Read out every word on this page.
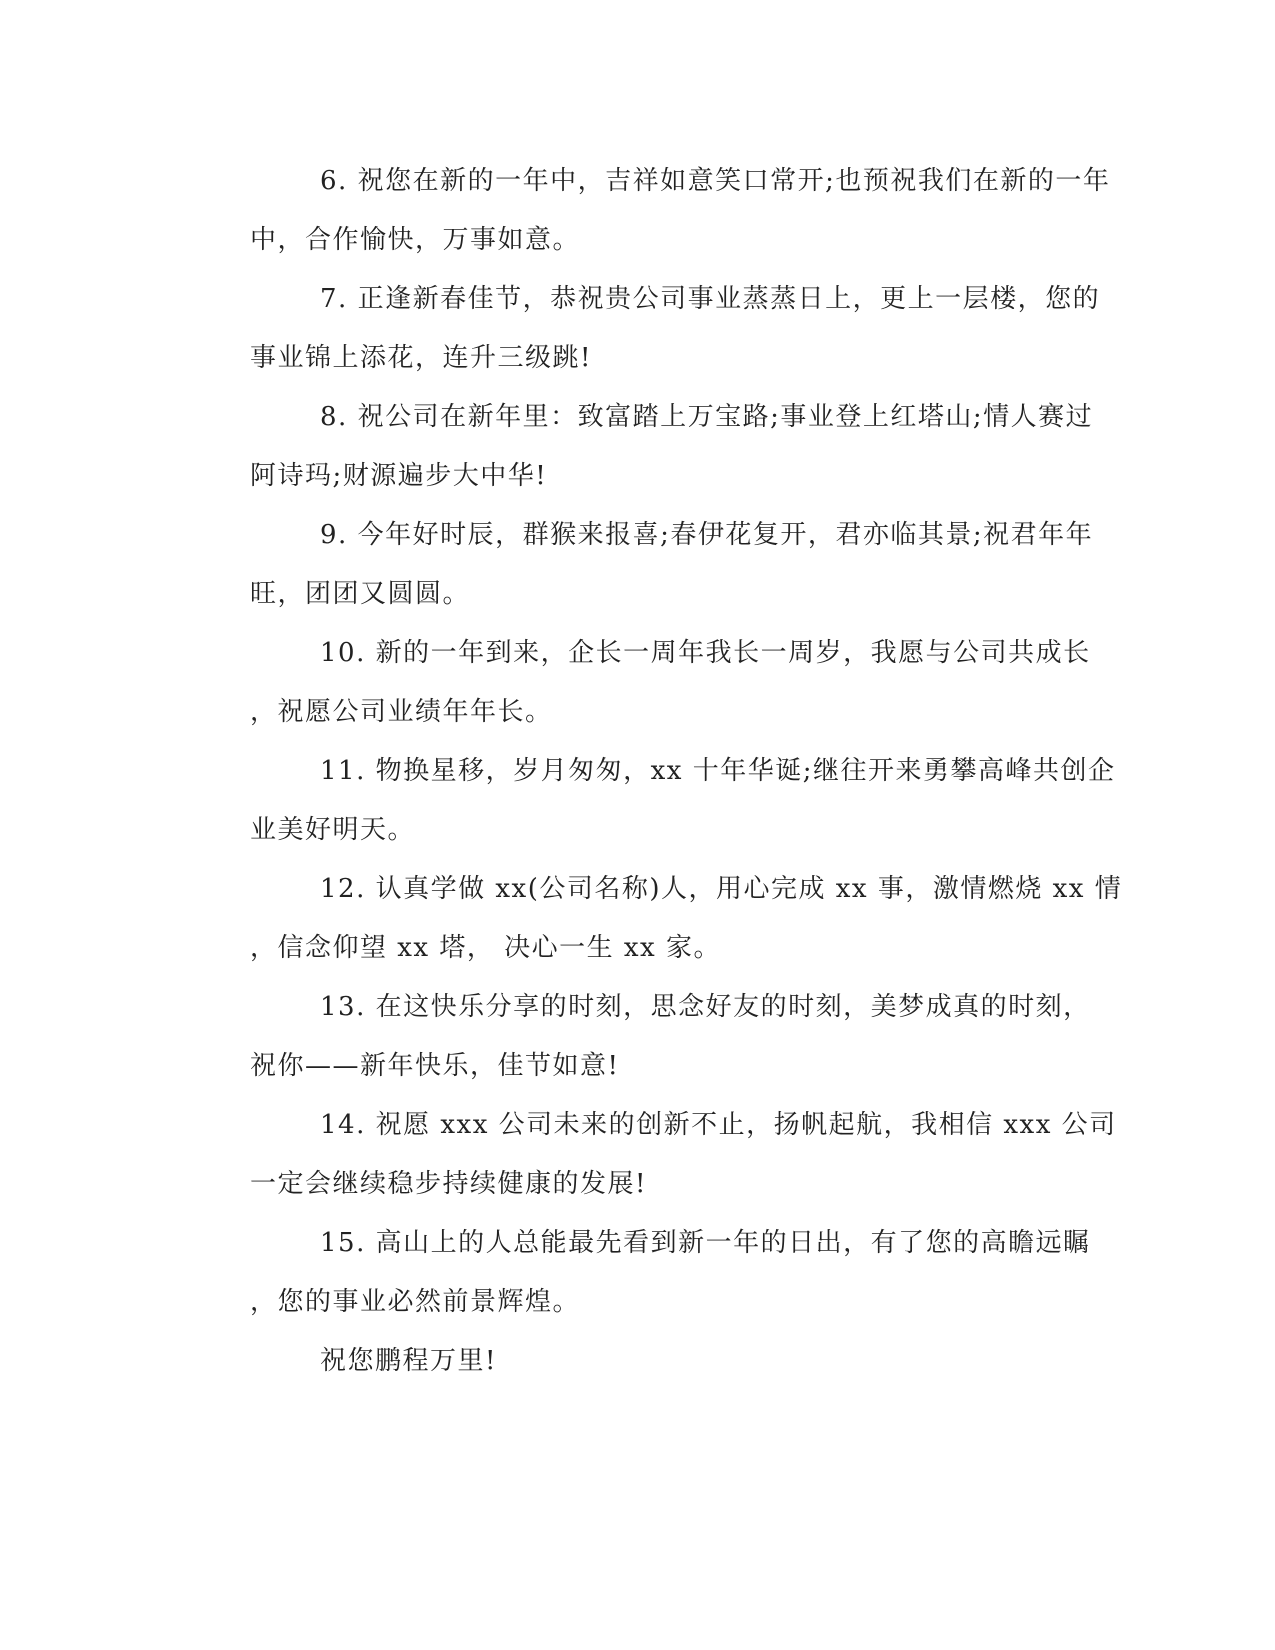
6. 祝您在新的一年中，吉祥如意笑口常开;也预祝我们在新的一年
中，合作愉快，万事如意。
7. 正逢新春佳节，恭祝贵公司事业蒸蒸日上，更上一层楼，您的
事业锦上添花，连升三级跳!
8. 祝公司在新年里：致富踏上万宝路;事业登上红塔山;情人赛过
阿诗玛;财源遍步大中华!
9. 今年好时辰，群猴来报喜;春伊花复开，君亦临其景;祝君年年
旺，团团又圆圆。
10. 新的一年到来，企长一周年我长一周岁，我愿与公司共成长
，祝愿公司业绩年年长。
11. 物换星移，岁月匆匆，xx 十年华诞;继往开来勇攀高峰共创企
业美好明天。
12. 认真学做 xx(公司名称)人，用心完成 xx 事，激情燃烧 xx 情
，信念仰望 xx 塔， 决心一生 xx 家。
13. 在这快乐分享的时刻，思念好友的时刻，美梦成真的时刻，
祝你——新年快乐，佳节如意!
14. 祝愿 xxx 公司未来的创新不止，扬帆起航，我相信 xxx 公司
一定会继续稳步持续健康的发展!
15. 高山上的人总能最先看到新一年的日出，有了您的高瞻远瞩
，您的事业必然前景辉煌。
祝您鹏程万里!
